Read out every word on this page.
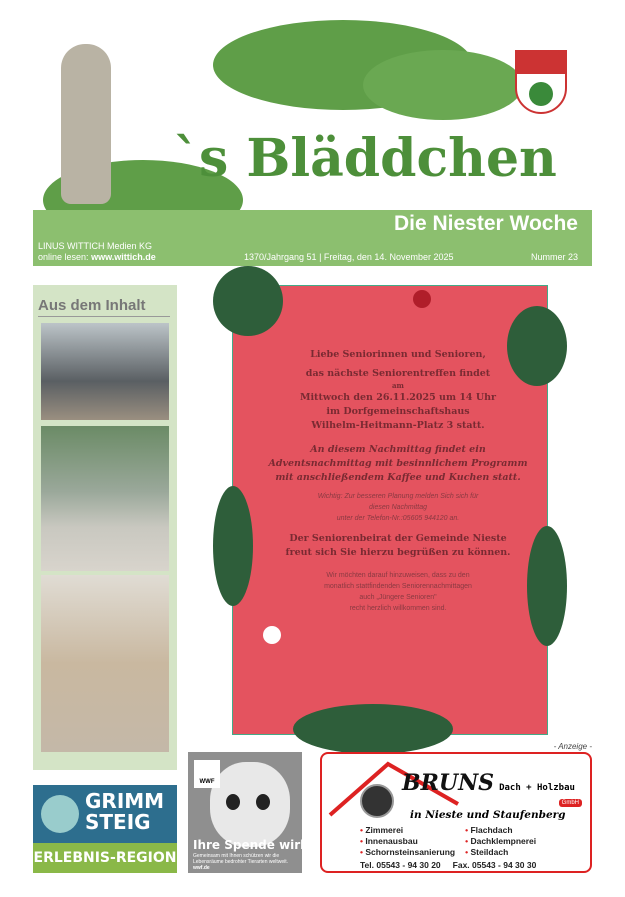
`s Bläddchen
Die Niester Woche
LINUS WITTICH Medien KG
online lesen: www.wittich.de	1370/Jahrgang 51 | Freitag, den 14. November 2025	Nummer 23
Aus dem Inhalt
Liebe Seniorinnen und Senioren,
das nächste Seniorentreffen findet
am
Mittwoch den 26.11.2025 um 14 Uhr
im Dorfgemeinschaftshaus
Wilhelm-Heitmann-Platz 3 statt.
An diesem Nachmittag findet ein
Adventsnachmittag mit besinnlichem Programm
mit anschließendem Kaffee und Kuchen statt.
Wichtig: Zur besseren Planung melden Sich sich für
diesen Nachmittag
unter der Telefon-Nr.:05605 944120 an.
Der Seniorenbeirat der Gemeinde Nieste
freut sich Sie hierzu begrüßen zu können.
Wir möchten darauf hinzuweisen, dass zu den
monatlich stattfindenden Seniorennachmittagen
auch „Jüngere Senioren"
recht herzlich willkommen sind.
- Anzeige -
GRIMM
STEIG
ERLEBNIS-REGION
WWF
Ihre Spende wirkt!
Gemeinsam mit Ihnen schützen wir die Lebensräume bedrohter Tierarten weltweit. wwf.de
BRUNS Dach + Holzbau
GmbH
in Nieste und Staufenberg
• Zimmerei
• Innenausbau
• Schornsteinsanierung
• Flachdach
• Dachklempnerei
• Steildach
Tel. 05543 - 94 30 20 Fax. 05543 - 94 30 30
